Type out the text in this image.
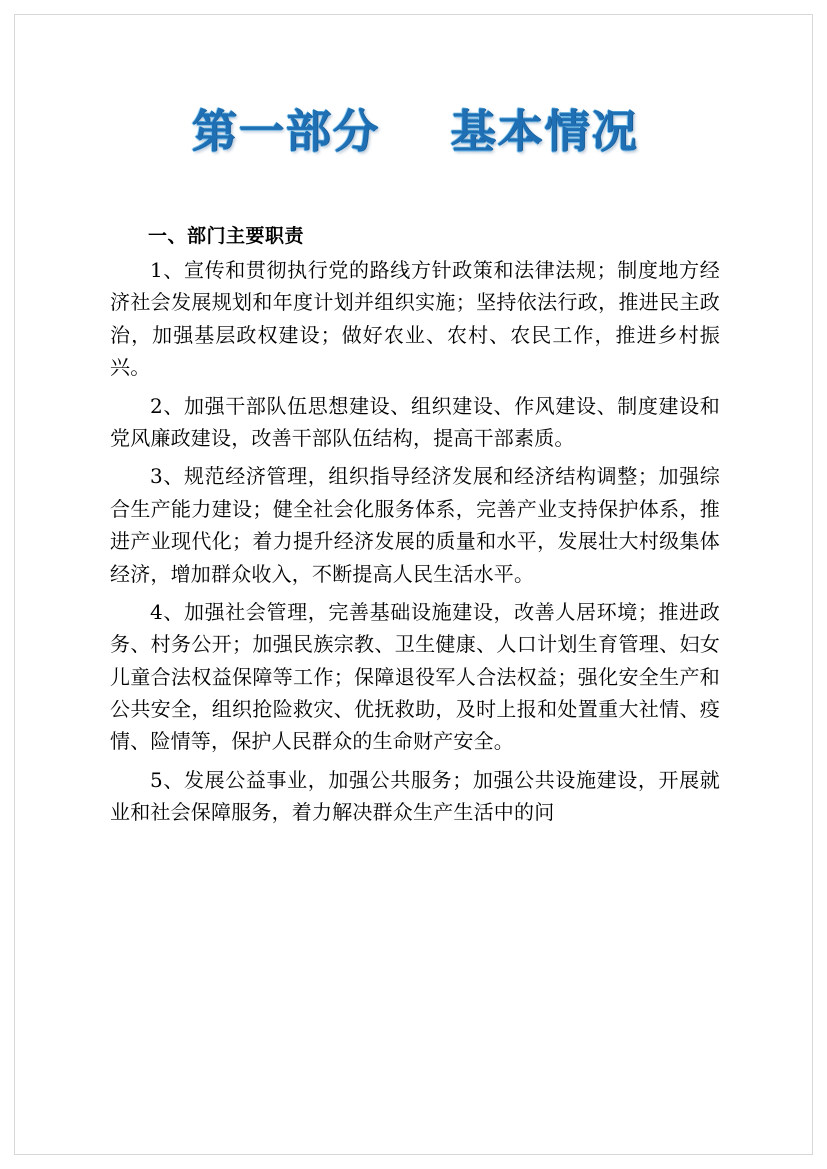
第一部分    基本情况
一、部门主要职责

1、宣传和贯彻执行党的路线方针政策和法律法规；制度地方经济社会发展规划和年度计划并组织实施；坚持依法行政，推进民主政治，加强基层政权建设；做好农业、农村、农民工作，推进乡村振兴。

2、加强干部队伍思想建设、组织建设、作风建设、制度建设和党风廉政建设，改善干部队伍结构，提高干部素质。

3、规范经济管理，组织指导经济发展和经济结构调整；加强综合生产能力建设；健全社会化服务体系，完善产业支持保护体系，推进产业现代化；着力提升经济发展的质量和水平，发展壮大村级集体经济，增加群众收入，不断提高人民生活水平。

4、加强社会管理，完善基础设施建设，改善人居环境；推进政务、村务公开；加强民族宗教、卫生健康、人口计划生育管理、妇女儿童合法权益保障等工作；保障退役军人合法权益；强化安全生产和公共安全，组织抢险救灾、优抚救助，及时上报和处置重大社情、疫情、险情等，保护人民群众的生命财产安全。

5、发展公益事业，加强公共服务；加强公共设施建设，开展就业和社会保障服务，着力解决群众生产生活中的问
